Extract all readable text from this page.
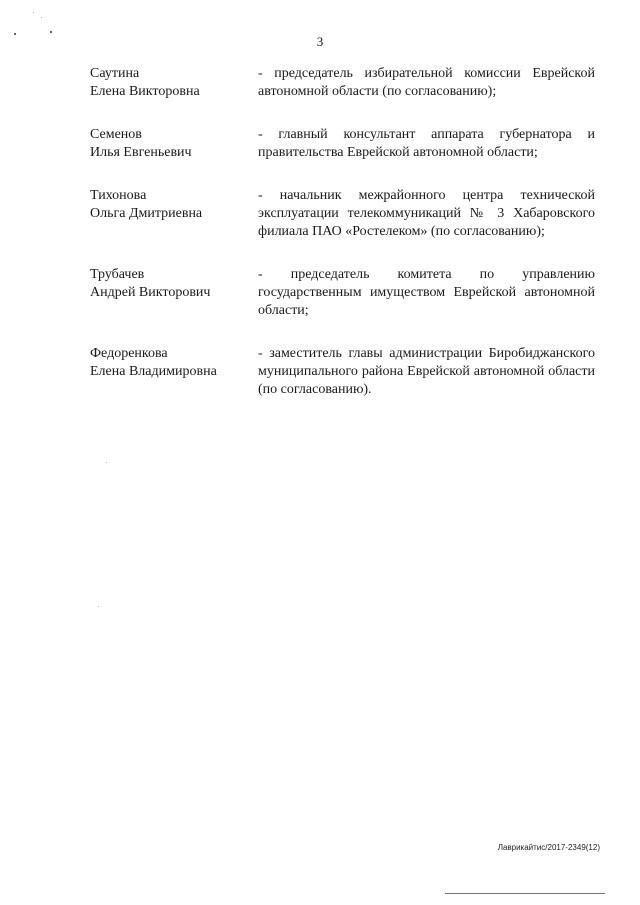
3
Саутина
Елена Викторовна
- председатель избирательной комиссии Еврейской автономной области (по согласованию);
Семенов
Илья Евгеньевич
- главный консультант аппарата губернатора и правительства Еврейской автономной области;
Тихонова
Ольга Дмитриевна
- начальник межрайонного центра технической эксплуатации телекоммуникаций № 3 Хабаровского филиала ПАО «Ростелеком» (по согласованию);
Трубачев
Андрей Викторович
- председатель комитета по управлению государственным имуществом Еврейской автономной области;
Федоренкова
Елена Владимировна
- заместитель главы администрации Биробиджанского муниципального района Еврейской автономной области (по согласованию).
Лаврикайтис/2017-2349(12)
